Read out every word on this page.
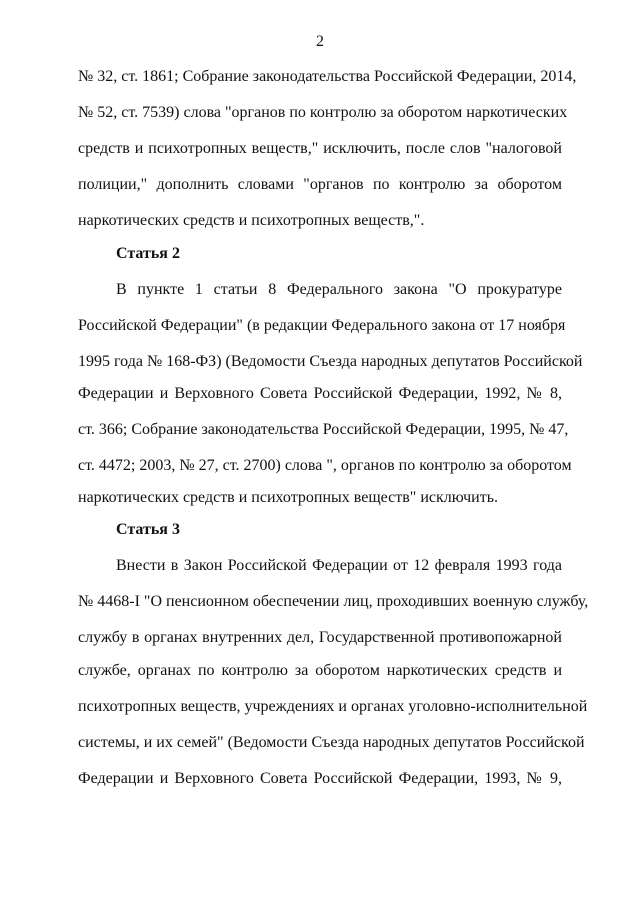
2
№ 32, ст. 1861; Собрание законодательства Российской Федерации, 2014,
№ 52, ст. 7539) слова "органов по контролю за оборотом наркотических
средств и психотропных веществ," исключить, после слов "налоговой
полиции," дополнить словами "органов по контролю за оборотом
наркотических средств и психотропных веществ,".
Статья 2
В пункте 1 статьи 8 Федерального закона "О прокуратуре
Российской Федерации" (в редакции Федерального закона от 17 ноября
1995 года № 168-ФЗ) (Ведомости Съезда народных депутатов Российской
Федерации и Верховного Совета Российской Федерации, 1992, № 8,
ст. 366; Собрание законодательства Российской Федерации, 1995, № 47,
ст. 4472; 2003, № 27, ст. 2700) слова ", органов по контролю за оборотом
наркотических средств и психотропных веществ" исключить.
Статья 3
Внести в Закон Российской Федерации от 12 февраля 1993 года
№ 4468-I "О пенсионном обеспечении лиц, проходивших военную службу,
службу в органах внутренних дел, Государственной противопожарной
службе, органах по контролю за оборотом наркотических средств и
психотропных веществ, учреждениях и органах уголовно-исполнительной
системы, и их семей" (Ведомости Съезда народных депутатов Российской
Федерации и Верховного Совета Российской Федерации, 1993, № 9,
